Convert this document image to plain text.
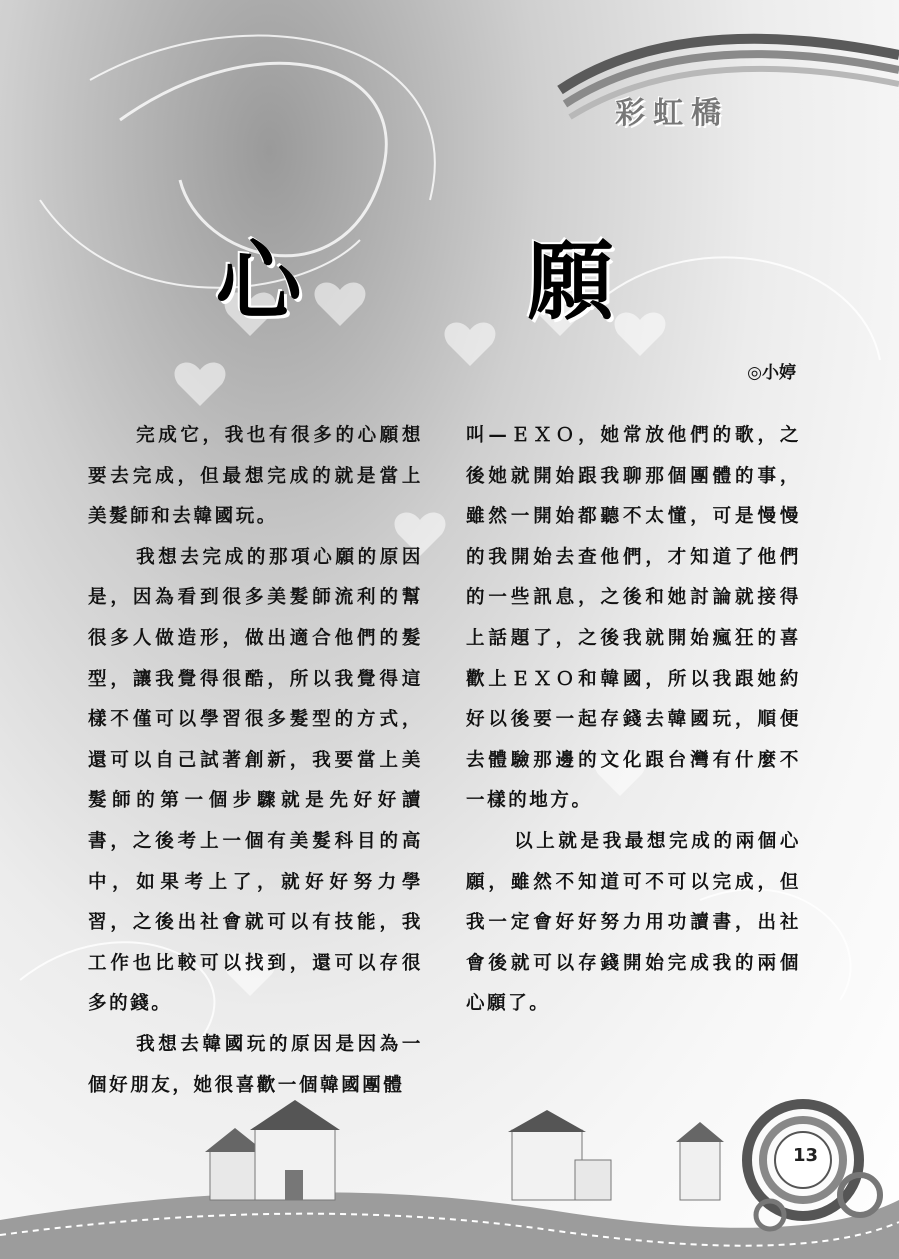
彩虹橋
心　願
◎小婷

完成它，我也有很多的心願想要去完成，但最想完成的就是當上美髮師和去韓國玩。

我想去完成的那項心願的原因是，因為看到很多美髮師流利的幫很多人做造形，做出適合他們的髮型，讓我覺得很酷，所以我覺得這樣不僅可以學習很多髮型的方式，還可以自己試著創新，我要當上美髮師的第一個步驟就是先好好讀書，之後考上一個有美髮科目的高中，如果考上了，就好好努力學習，之後出社會就可以有技能，我工作也比較可以找到，還可以存很多的錢。

我想去韓國玩的原因是因為一個好朋友，她很喜歡一個韓國團體

叫—ＥＸＯ，她常放他們的歌，之後她就開始跟我聊那個團體的事，雖然一開始都聽不太懂，可是慢慢的我開始去查他們，才知道了他們的一些訊息，之後和她討論就接得上話題了，之後我就開始瘋狂的喜歡上ＥＸＯ和韓國，所以我跟她約好以後要一起存錢去韓國玩，順便去體驗那邊的文化跟台灣有什麼不一樣的地方。

以上就是我最想完成的兩個心願，雖然不知道可不可以完成，但我一定會好好努力用功讀書，出社會後就可以存錢開始完成我的兩個心願了。

13
